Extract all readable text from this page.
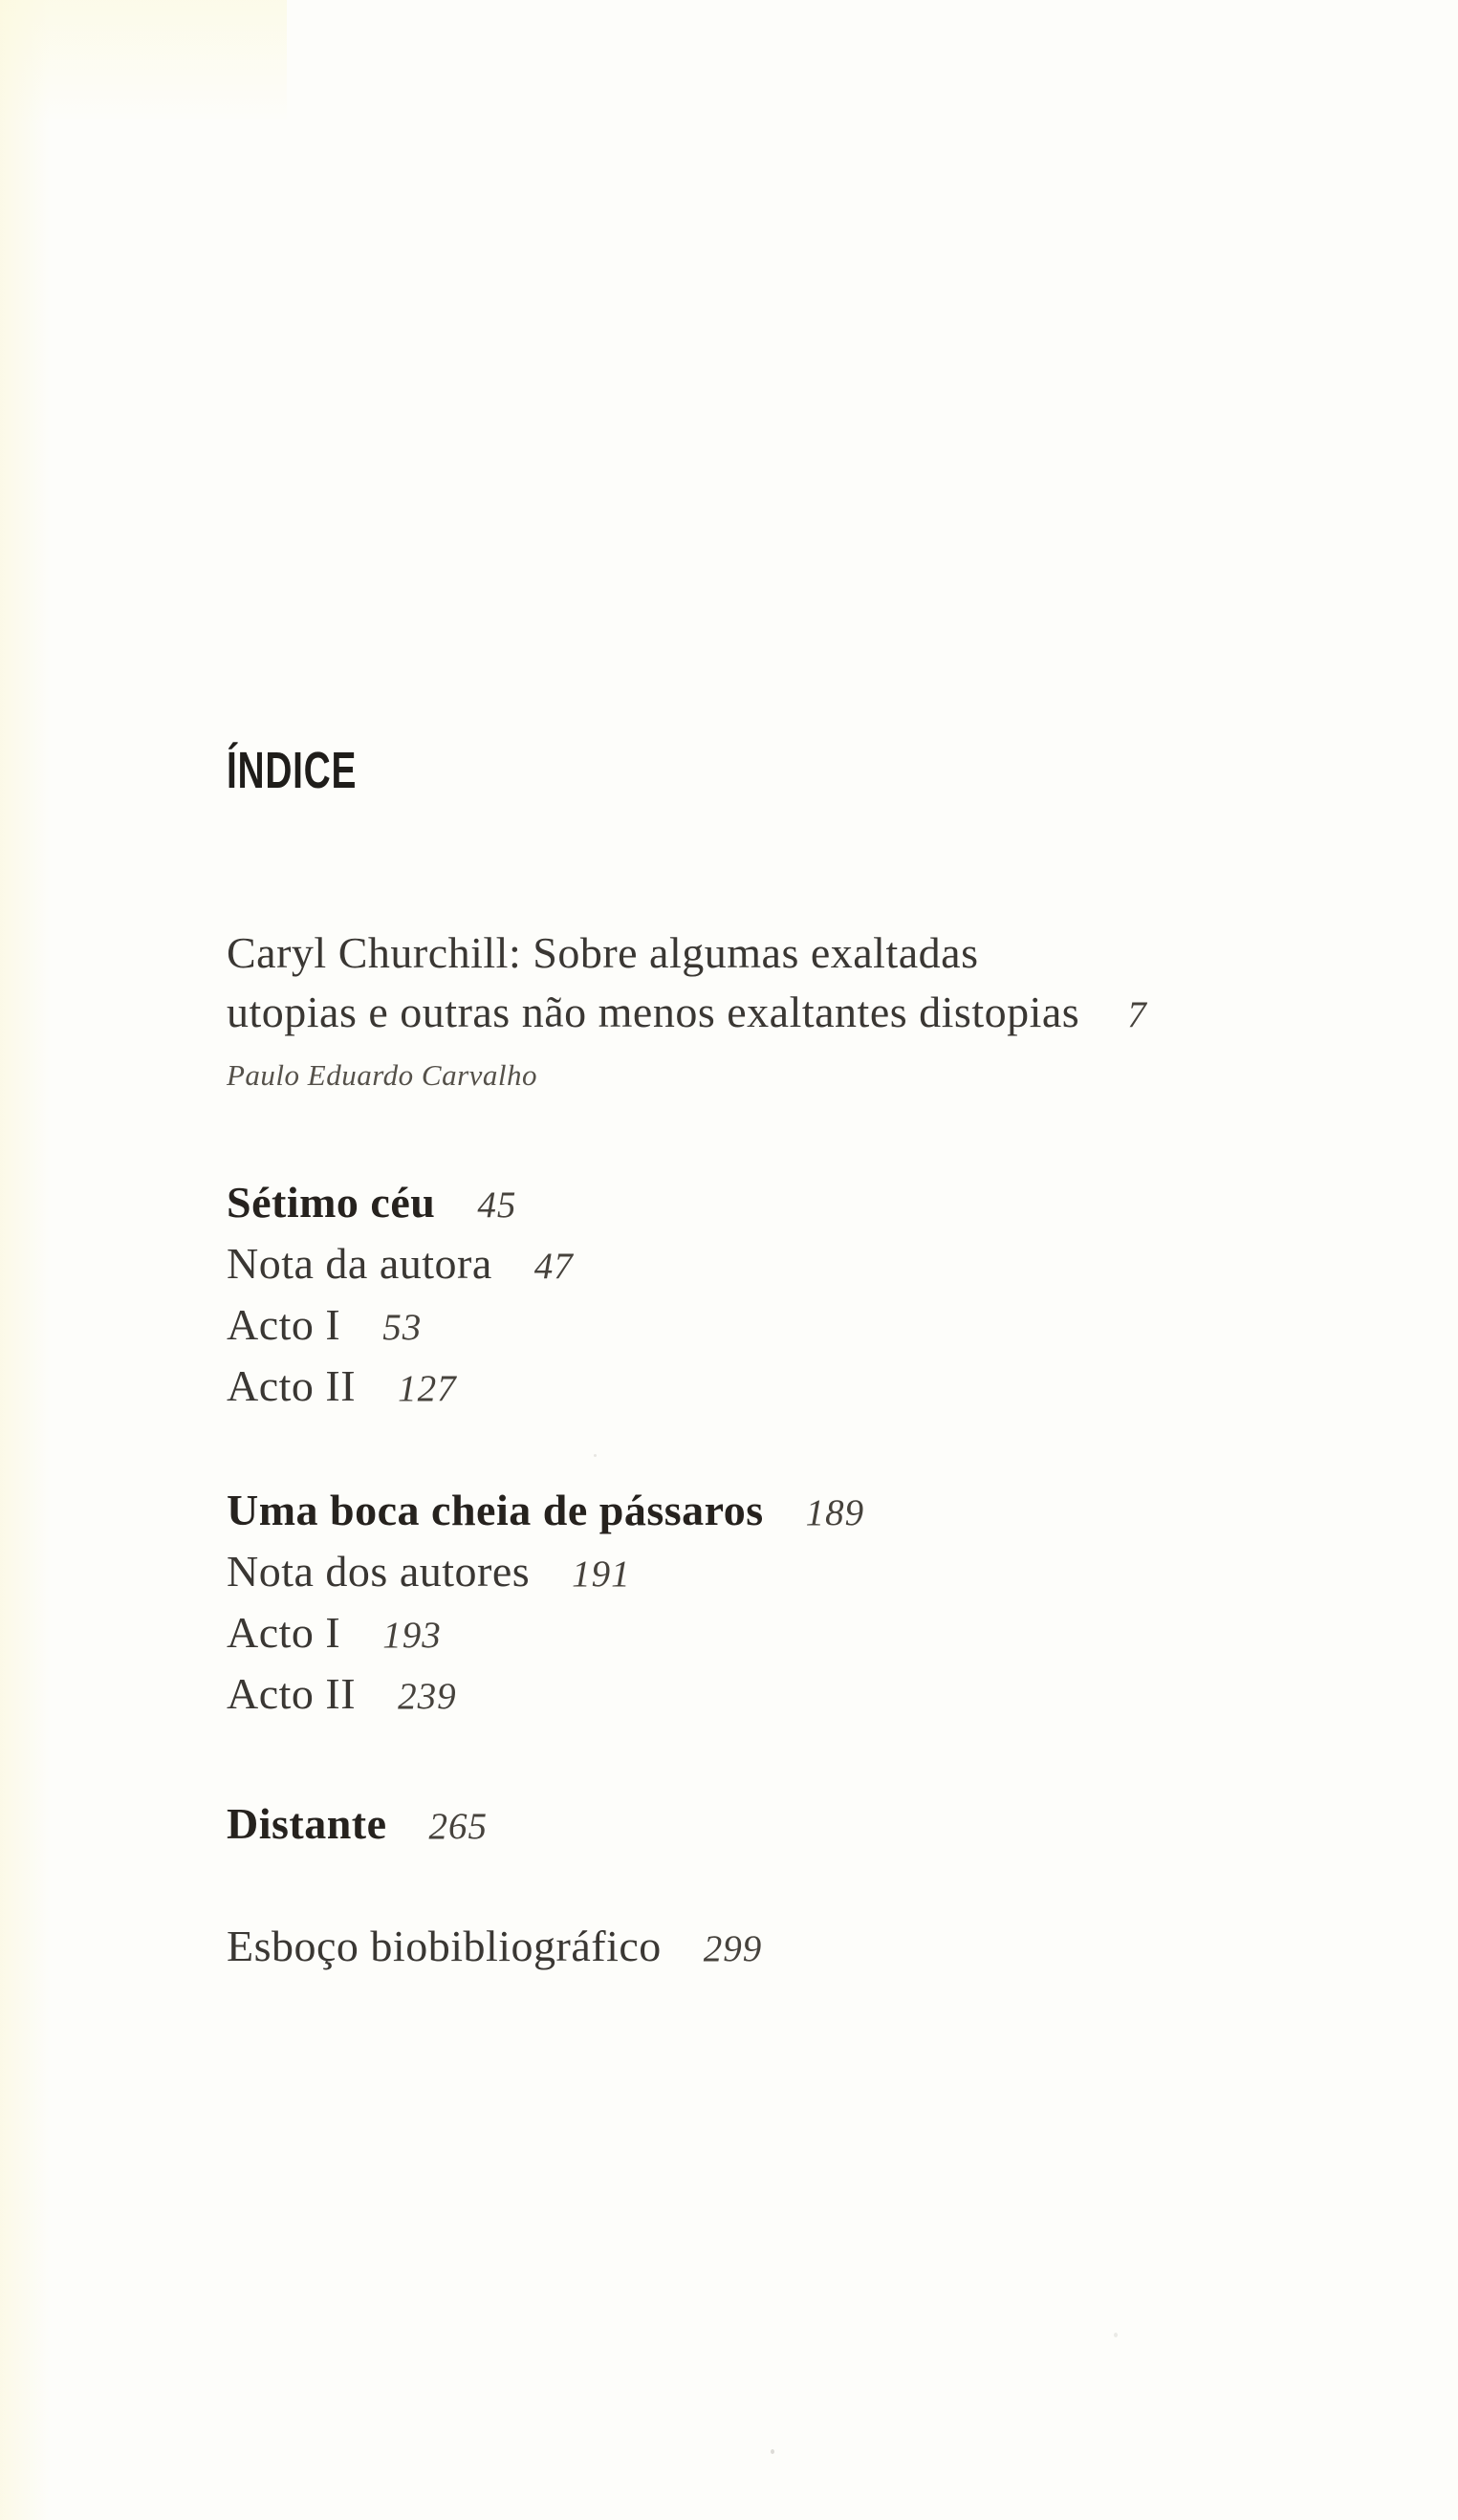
ÍNDICE

Caryl Churchill: Sobre algumas exaltadas

utopias e outras não menos exaltantes distopias 7

Paulo Eduardo Carvalho

Sétimo céu 45

Nota da autora 47

Acto I 53

Acto II 127

Uma boca cheia de pássaros 189

Nota dos autores 191

Acto I 193

Acto II 239

Distante 265

Esboço biobibliográfico 299
